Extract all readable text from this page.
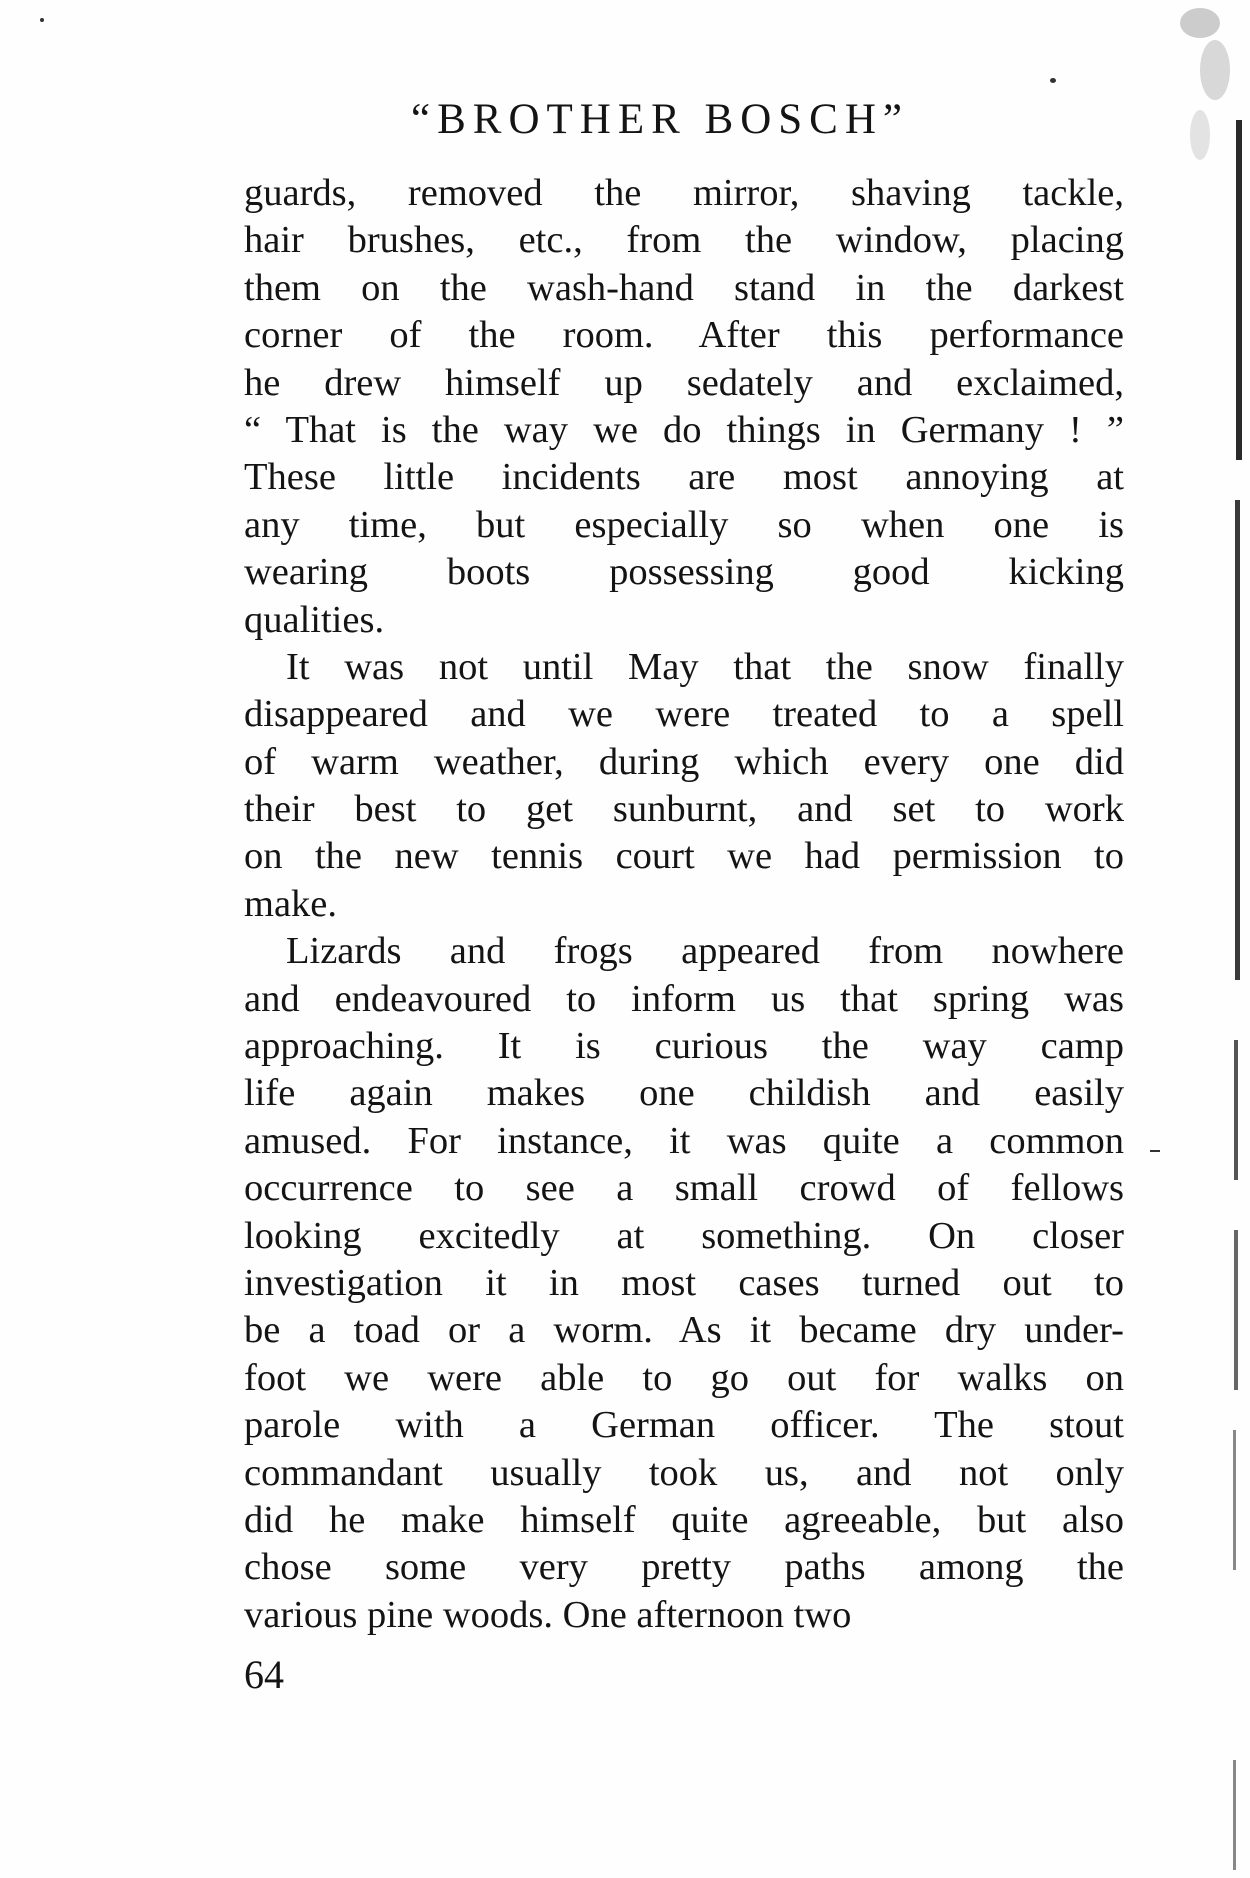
“BROTHER BOSCH”
guards, removed the mirror, shaving tackle,
hair brushes, etc., from the window, placing
them on the wash-hand stand in the darkest
corner of the room. After this performance
he drew himself up sedately and exclaimed,
“ That is the way we do things in Germany ! ”
These little incidents are most annoying at
any time, but especially so when one is
wearing boots possessing good kicking
qualities.
It was not until May that the snow finally
disappeared and we were treated to a spell
of warm weather, during which every one did
their best to get sunburnt, and set to work
on the new tennis court we had permission to
make.
Lizards and frogs appeared from nowhere
and endeavoured to inform us that spring was
approaching. It is curious the way camp
life again makes one childish and easily
amused. For instance, it was quite a common
occurrence to see a small crowd of fellows
looking excitedly at something. On closer
investigation it in most cases turned out to
be a toad or a worm. As it became dry under-
foot we were able to go out for walks on
parole with a German officer. The stout
commandant usually took us, and not only
did he make himself quite agreeable, but also
chose some very pretty paths among the
various pine woods. One afternoon two
64
